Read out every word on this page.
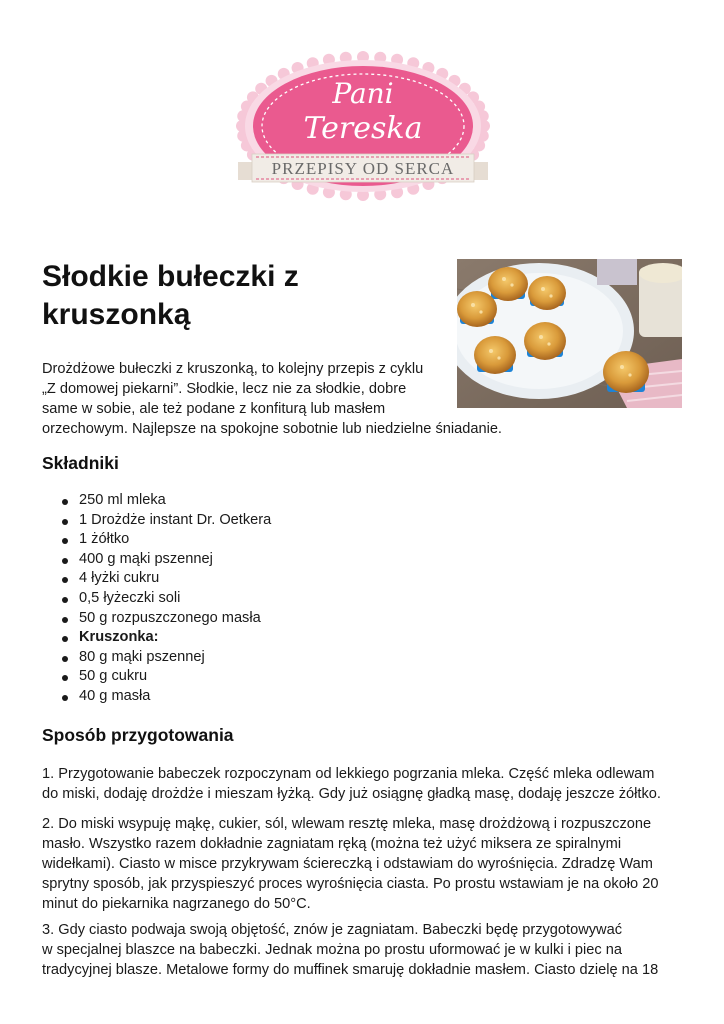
Pani
Tereska
PRZEPISY OD SERCA
Słodkie bułeczki z
kruszonką

Drożdżowe bułeczki z kruszonką, to kolejny przepis z cyklu
„Z domowej piekarni”. Słodkie, lecz nie za słodkie, dobre
same w sobie, ale też podane z konfiturą lub masłem
orzechowym. Najlepsze na spokojne sobotnie lub niedzielne śniadanie.

Składniki
250 ml mleka
1 Drożdże instant Dr. Oetkera
1 żółtko
400 g mąki pszennej
4 łyżki cukru
0,5 łyżeczki soli
50 g rozpuszczonego masła
Kruszonka:
80 g mąki pszennej
50 g cukru
40 g masła
Sposób przygotowania

1. Przygotowanie babeczek rozpoczynam od lekkiego pogrzania mleka. Część mleka odlewam
do miski, dodaję drożdże i mieszam łyżką. Gdy już osiągnę gładką masę, dodaję jeszcze żółtko.

2. Do miski wsypuję mąkę, cukier, sól, wlewam resztę mleka, masę drożdżową i rozpuszczone
masło. Wszystko razem dokładnie zagniatam ręką (można też użyć miksera ze spiralnymi
widełkami). Ciasto w misce przykrywam ściereczką i odstawiam do wyrośnięcia. Zdradzę Wam
sprytny sposób, jak przyspieszyć proces wyrośnięcia ciasta. Po prostu wstawiam je na około 20
minut do piekarnika nagrzanego do 50°C.

3. Gdy ciasto podwaja swoją objętość, znów je zagniatam. Babeczki będę przygotowywać
w specjalnej blaszce na babeczki. Jednak można po prostu uformować je w kulki i piec na
tradycyjnej blasze. Metalowe formy do muffinek smaruję dokładnie masłem. Ciasto dzielę na 18
